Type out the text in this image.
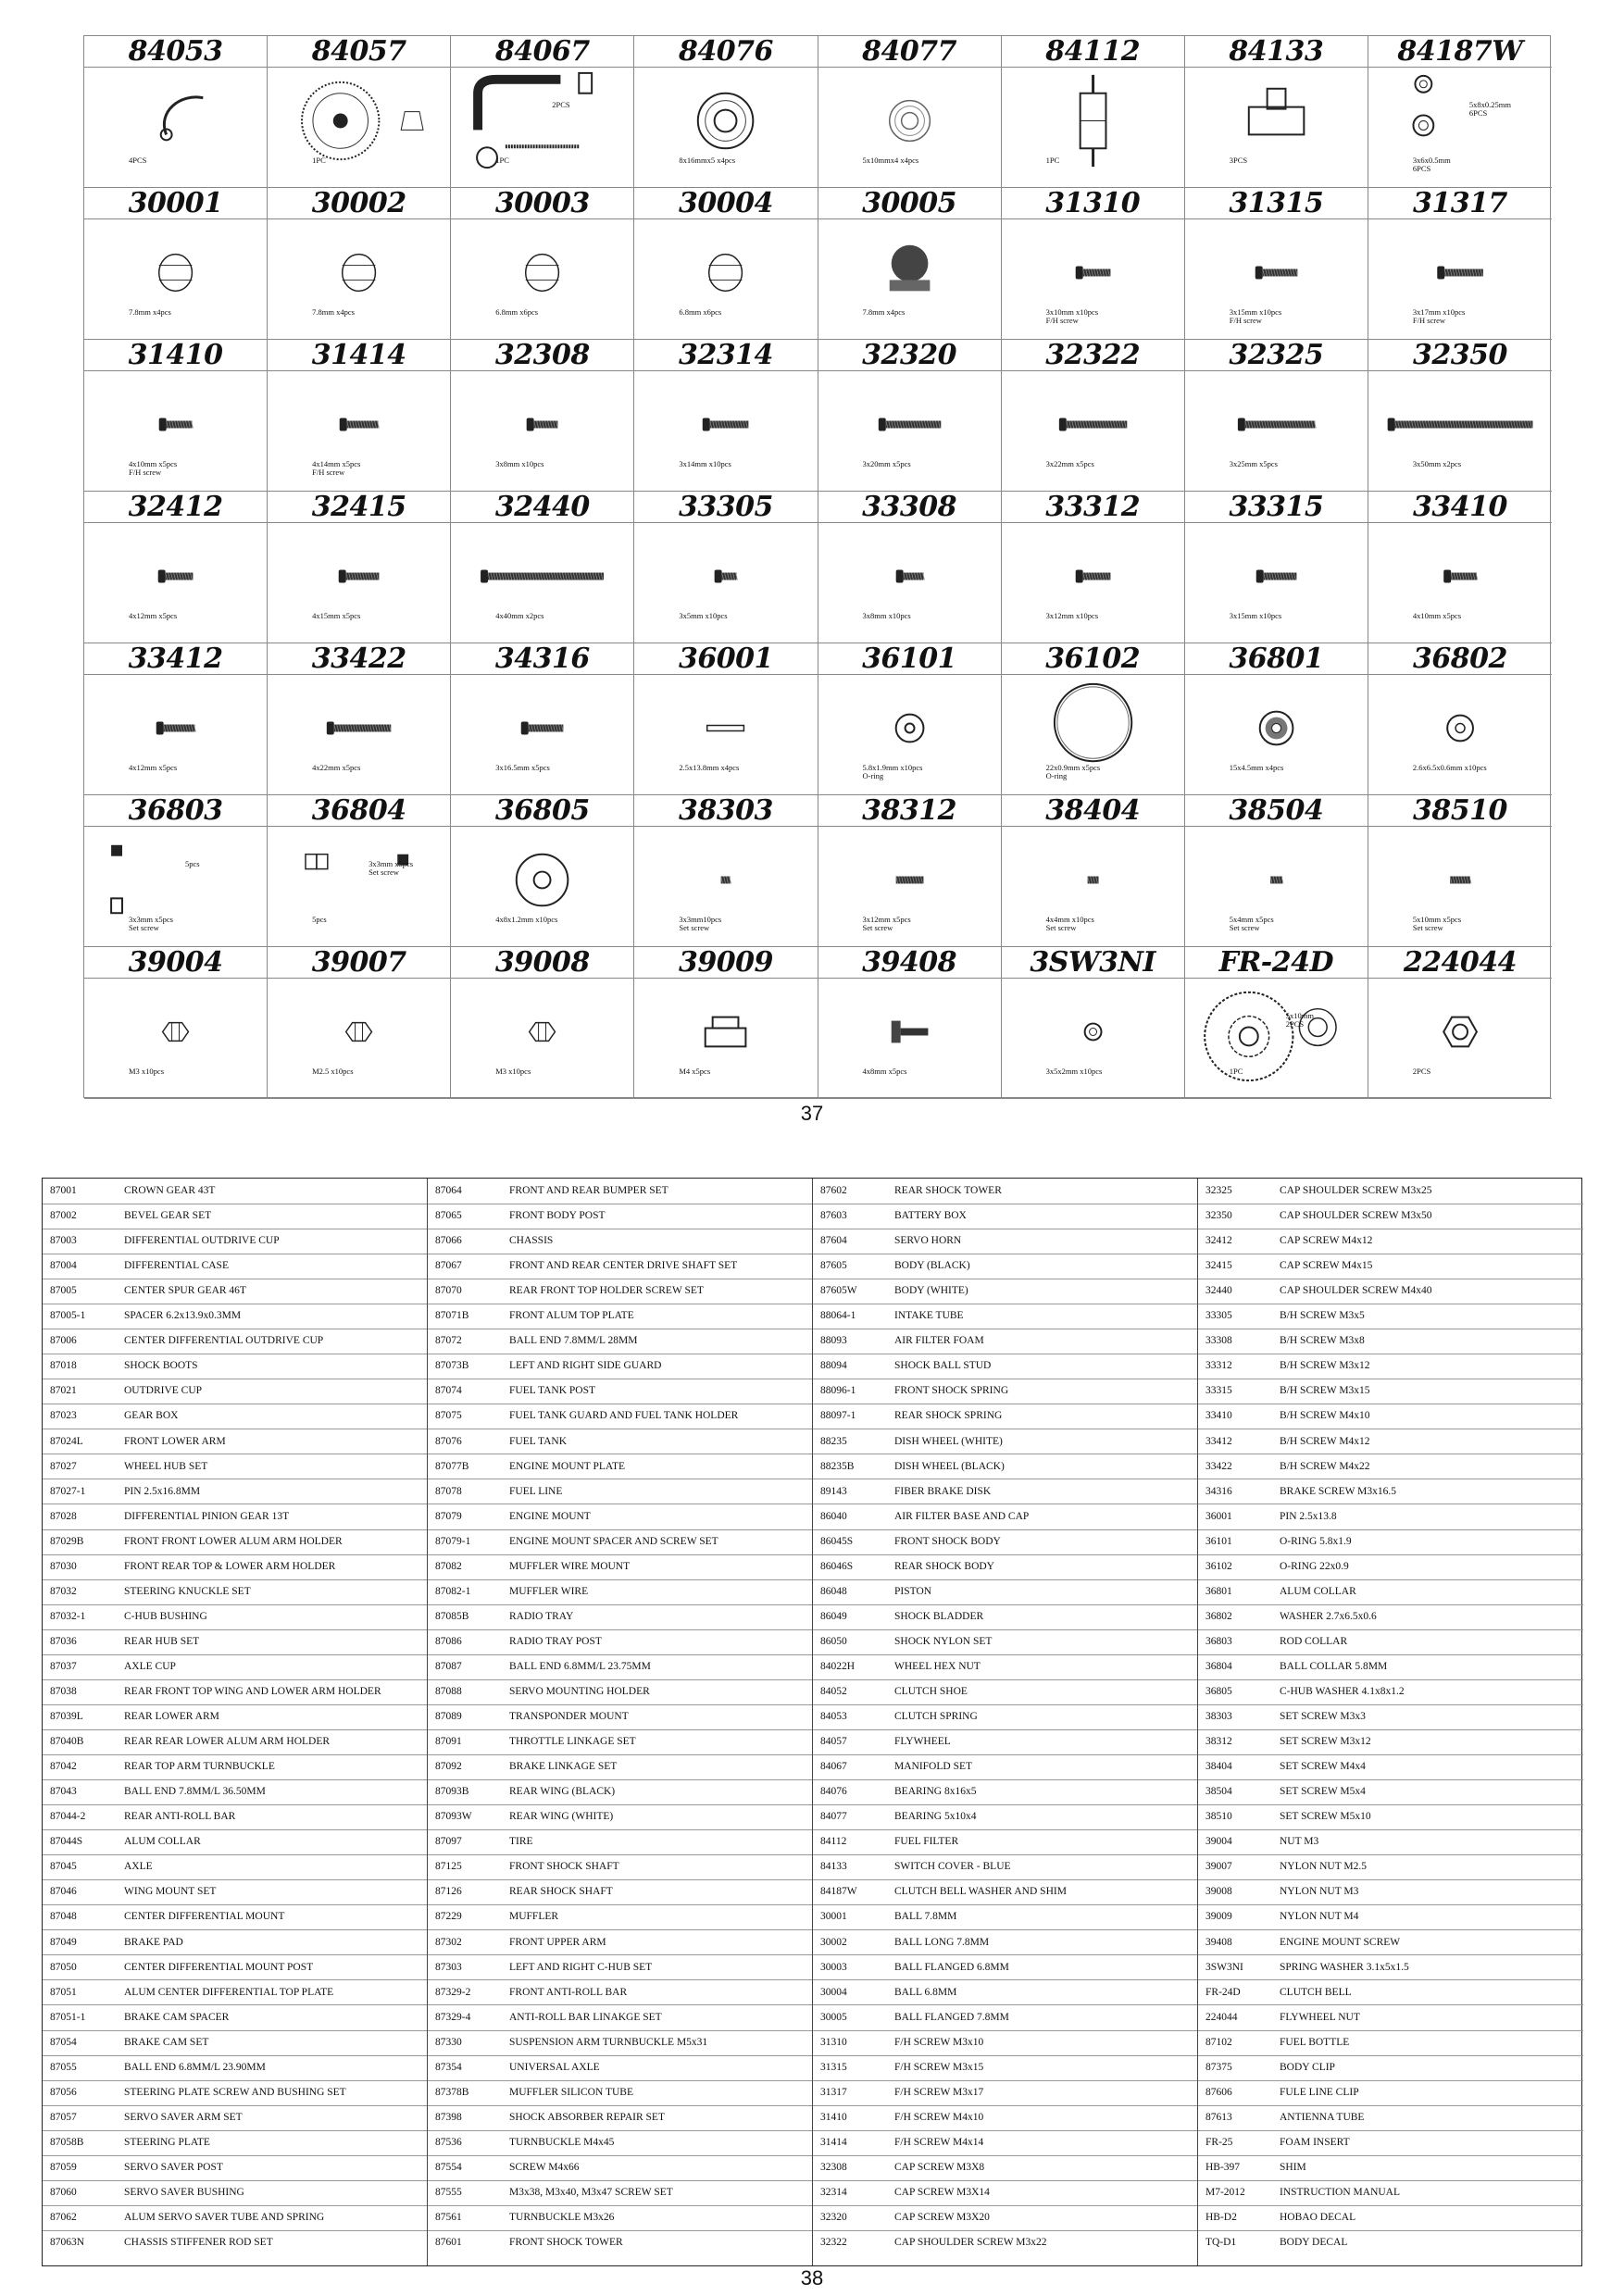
84053
4PCS
84057
1PC
84067
1PC
2PCS
84076
8x16mmx5 x4pcs
84077
5x10mmx4 x4pcs
84112
1PC
84133
3PCS
84187W
3x6x0.5mm
6PCS
5x8x0.25mm
6PCS
30001
7.8mm x4pcs
30002
7.8mm x4pcs
30003
6.8mm x6pcs
30004
6.8mm x6pcs
30005
7.8mm x4pcs
31310
3x10mm x10pcs
F/H screw
31315
3x15mm x10pcs
F/H screw
31317
3x17mm x10pcs
F/H screw
31410
4x10mm x5pcs
F/H screw
31414
4x14mm x5pcs
F/H screw
32308
3x8mm x10pcs
32314
3x14mm x10pcs
32320
3x20mm x5pcs
32322
3x22mm x5pcs
32325
3x25mm x5pcs
32350
3x50mm x2pcs
32412
4x12mm x5pcs
32415
4x15mm x5pcs
32440
4x40mm x2pcs
33305
3x5mm x10pcs
33308
3x8mm x10pcs
33312
3x12mm x10pcs
33315
3x15mm x10pcs
33410
4x10mm x5pcs
33412
4x12mm x5pcs
33422
4x22mm x5pcs
34316
3x16.5mm x5pcs
36001
2.5x13.8mm x4pcs
36101
5.8x1.9mm x10pcs
O-ring
36102
22x0.9mm x5pcs
O-ring
36801
15x4.5mm x4pcs
36802
2.6x6.5x0.6mm x10pcs
36803
3x3mm x5pcs
Set screw
5pcs
36804
5pcs
3x3mm x5pcs
Set screw
36805
4x8x1.2mm x10pcs
38303
3x3mm10pcs
Set screw
38312
3x12mm x5pcs
Set screw
38404
4x4mm x10pcs
Set screw
38504
5x4mm x5pcs
Set screw
38510
5x10mm x5pcs
Set screw
39004
M3 x10pcs
39007
M2.5 x10pcs
39008
M3 x10pcs
39009
M4 x5pcs
39408
4x8mm x5pcs
3SW3NI
3x5x2mm x10pcs
FR-24D
1PC
5x10mm
2PCS
224044
2PCS
37
87001	CROWN GEAR 43T
87002	BEVEL GEAR SET
87003	DIFFERENTIAL OUTDRIVE CUP
87004	DIFFERENTIAL CASE
87005	CENTER SPUR GEAR 46T
87005-1	SPACER 6.2x13.9x0.3MM
87006	CENTER DIFFERENTIAL OUTDRIVE CUP
87018	SHOCK BOOTS
87021	OUTDRIVE CUP
87023	GEAR BOX
87024L	FRONT LOWER ARM
87027	WHEEL HUB SET
87027-1	PIN 2.5x16.8MM
87028	DIFFERENTIAL PINION GEAR 13T
87029B	FRONT FRONT LOWER ALUM ARM HOLDER
87030	FRONT REAR TOP & LOWER ARM HOLDER
87032	STEERING KNUCKLE SET
87032-1	C-HUB BUSHING
87036	REAR HUB SET
87037	AXLE CUP
87038	REAR FRONT TOP WING AND LOWER ARM HOLDER
87039L	REAR LOWER ARM
87040B	REAR REAR LOWER ALUM ARM HOLDER
87042	REAR TOP ARM TURNBUCKLE
87043	BALL END 7.8MM/L 36.50MM
87044-2	REAR ANTI-ROLL BAR
87044S	ALUM COLLAR
87045	AXLE
87046	WING MOUNT SET
87048	CENTER DIFFERENTIAL MOUNT
87049	BRAKE PAD
87050	CENTER DIFFERENTIAL MOUNT POST
87051	ALUM CENTER DIFFERENTIAL TOP PLATE
87051-1	BRAKE CAM SPACER
87054	BRAKE CAM SET
87055	BALL END 6.8MM/L 23.90MM
87056	STEERING PLATE SCREW AND BUSHING SET
87057	SERVO SAVER ARM SET
87058B	STEERING PLATE
87059	SERVO SAVER POST
87060	SERVO SAVER BUSHING
87062	ALUM SERVO SAVER TUBE AND SPRING
87063N	CHASSIS STIFFENER ROD SET
87064	FRONT AND REAR BUMPER SET
87065	FRONT BODY POST
87066	CHASSIS
87067	FRONT AND REAR CENTER DRIVE SHAFT SET
87070	REAR FRONT TOP HOLDER SCREW SET
87071B	FRONT ALUM TOP PLATE
87072	BALL END 7.8MM/L 28MM
87073B	LEFT AND RIGHT SIDE GUARD
87074	FUEL TANK POST
87075	FUEL TANK GUARD AND FUEL TANK HOLDER
87076	FUEL TANK
87077B	ENGINE MOUNT PLATE
87078	FUEL LINE
87079	ENGINE MOUNT
87079-1	ENGINE MOUNT SPACER AND SCREW SET
87082	MUFFLER WIRE MOUNT
87082-1	MUFFLER WIRE
87085B	RADIO TRAY
87086	RADIO TRAY POST
87087	BALL END 6.8MM/L 23.75MM
87088	SERVO MOUNTING HOLDER
87089	TRANSPONDER MOUNT
87091	THROTTLE LINKAGE SET
87092	BRAKE LINKAGE SET
87093B	REAR WING (BLACK)
87093W	REAR WING (WHITE)
87097	TIRE
87125	FRONT SHOCK SHAFT
87126	REAR SHOCK SHAFT
87229	MUFFLER
87302	FRONT UPPER ARM
87303	LEFT AND RIGHT C-HUB SET
87329-2	FRONT ANTI-ROLL BAR
87329-4	ANTI-ROLL BAR LINAKGE SET
87330	SUSPENSION ARM TURNBUCKLE M5x31
87354	UNIVERSAL AXLE
87378B	MUFFLER SILICON TUBE
87398	SHOCK ABSORBER REPAIR SET
87536	TURNBUCKLE M4x45
87554	SCREW M4x66
87555	M3x38, M3x40, M3x47 SCREW SET
87561	TURNBUCKLE M3x26
87601	FRONT SHOCK TOWER
87602	REAR SHOCK TOWER
87603	BATTERY BOX
87604	SERVO HORN
87605	BODY (BLACK)
87605W	BODY (WHITE)
88064-1	INTAKE TUBE
88093	AIR FILTER FOAM
88094	SHOCK BALL STUD
88096-1	FRONT SHOCK SPRING
88097-1	REAR SHOCK SPRING
88235	DISH WHEEL (WHITE)
88235B	DISH WHEEL (BLACK)
89143	FIBER BRAKE DISK
86040	AIR FILTER BASE AND CAP
86045S	FRONT SHOCK BODY
86046S	REAR SHOCK BODY
86048	PISTON
86049	SHOCK BLADDER
86050	SHOCK NYLON SET
84022H	WHEEL HEX NUT
84052	CLUTCH SHOE
84053	CLUTCH SPRING
84057	FLYWHEEL
84067	MANIFOLD SET
84076	BEARING 8x16x5
84077	BEARING 5x10x4
84112	FUEL FILTER
84133	SWITCH COVER - BLUE
84187W	CLUTCH BELL WASHER AND SHIM
30001	BALL 7.8MM
30002	BALL LONG 7.8MM
30003	BALL FLANGED 6.8MM
30004	BALL 6.8MM
30005	BALL FLANGED 7.8MM
31310	F/H SCREW M3x10
31315	F/H SCREW M3x15
31317	F/H SCREW M3x17
31410	F/H SCREW M4x10
31414	F/H SCREW M4x14
32308	CAP SCREW M3X8
32314	CAP SCREW M3X14
32320	CAP SCREW M3X20
32322	CAP SHOULDER SCREW M3x22
32325	CAP SHOULDER SCREW M3x25
32350	CAP SHOULDER SCREW M3x50
32412	CAP SCREW M4x12
32415	CAP SCREW M4x15
32440	CAP SHOULDER SCREW M4x40
33305	B/H SCREW M3x5
33308	B/H SCREW M3x8
33312	B/H SCREW M3x12
33315	B/H SCREW M3x15
33410	B/H SCREW M4x10
33412	B/H SCREW M4x12
33422	B/H SCREW M4x22
34316	BRAKE SCREW M3x16.5
36001	PIN 2.5x13.8
36101	O-RING 5.8x1.9
36102	O-RING 22x0.9
36801	ALUM COLLAR
36802	WASHER 2.7x6.5x0.6
36803	ROD COLLAR
36804	BALL COLLAR 5.8MM
36805	C-HUB WASHER 4.1x8x1.2
38303	SET SCREW M3x3
38312	SET SCREW M3x12
38404	SET SCREW M4x4
38504	SET SCREW M5x4
38510	SET SCREW M5x10
39004	NUT M3
39007	NYLON NUT M2.5
39008	NYLON NUT M3
39009	NYLON NUT M4
39408	ENGINE MOUNT SCREW
3SW3NI	SPRING WASHER 3.1x5x1.5
FR-24D	CLUTCH BELL
224044	FLYWHEEL NUT
87102	FUEL BOTTLE
87375	BODY CLIP
87606	FULE LINE CLIP
87613	ANTIENNA TUBE
FR-25	FOAM INSERT
HB-397	SHIM
M7-2012	INSTRUCTION MANUAL
HB-D2	HOBAO DECAL
TQ-D1	BODY DECAL
38
